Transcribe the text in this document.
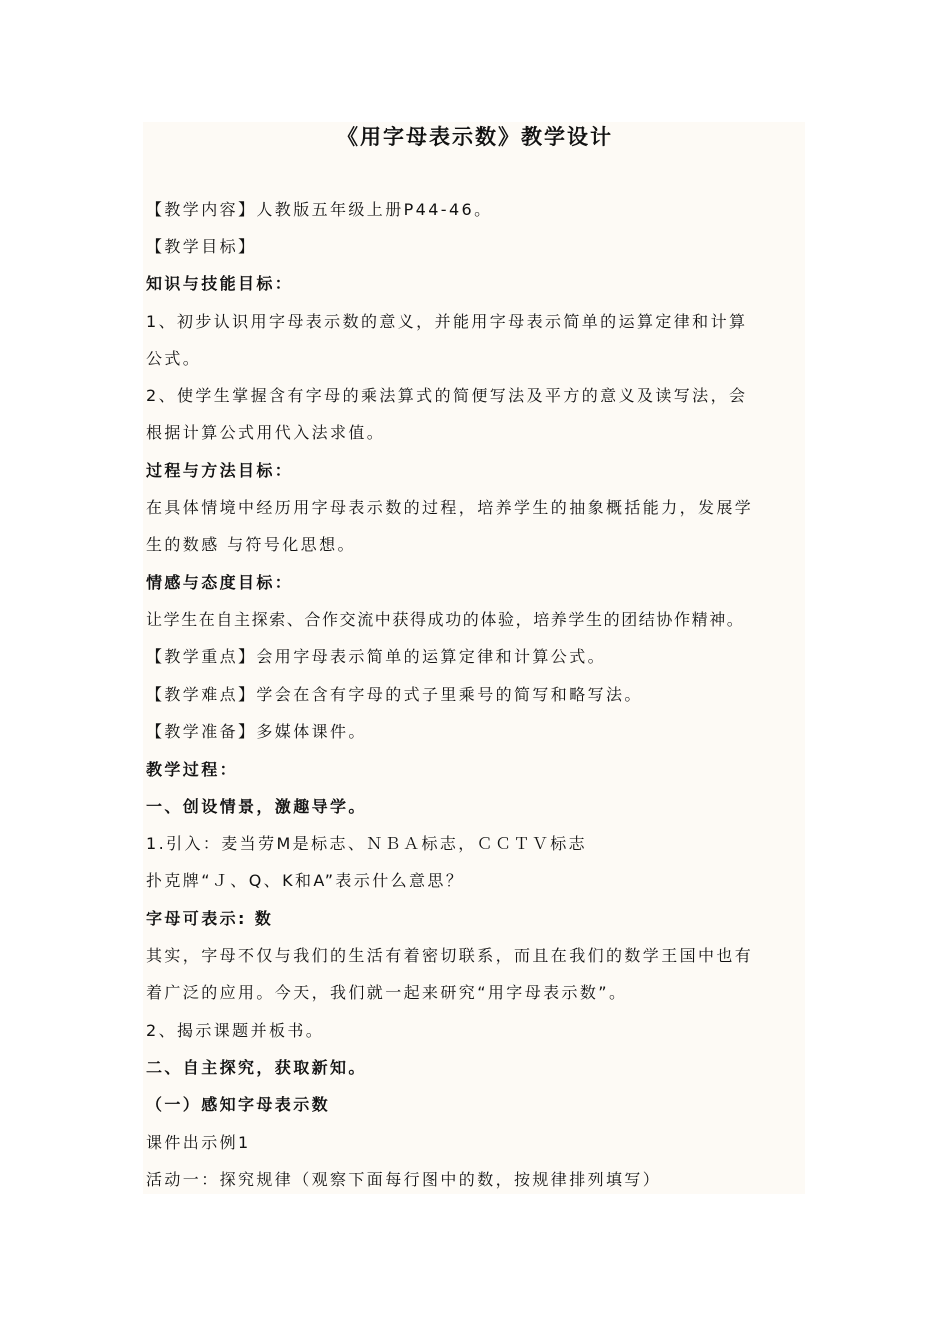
《用字母表示数》教学设计
【教学内容】人教版五年级上册P44-46。
【教学目标】
知识与技能目标：
1、初步认识用字母表示数的意义，并能用字母表示简单的运算定律和计算
公式。
2、使学生掌握含有字母的乘法算式的简便写法及平方的意义及读写法，会
根据计算公式用代入法求值。
过程与方法目标：
在具体情境中经历用字母表示数的过程，培养学生的抽象概括能力，发展学
生的数感 与符号化思想。
情感与态度目标：
让学生在自主探索、合作交流中获得成功的体验，培养学生的团结协作精神。
【教学重点】会用字母表示简单的运算定律和计算公式。
【教学难点】学会在含有字母的式子里乘号的简写和略写法。
【教学准备】多媒体课件。
教学过程：
一、创设情景，激趣导学。
1.引入：麦当劳M是标志、ＮＢＡ标志，ＣＣＴＶ标志
扑克牌“Ｊ、Q、K和A”表示什么意思？
字母可表示: 数
其实，字母不仅与我们的生活有着密切联系，而且在我们的数学王国中也有
着广泛的应用。今天，我们就一起来研究“用字母表示数”。
2、揭示课题并板书。
二、自主探究，获取新知。
（一）感知字母表示数
课件出示例1
活动一：探究规律（观察下面每行图中的数，按规律排列填写）
